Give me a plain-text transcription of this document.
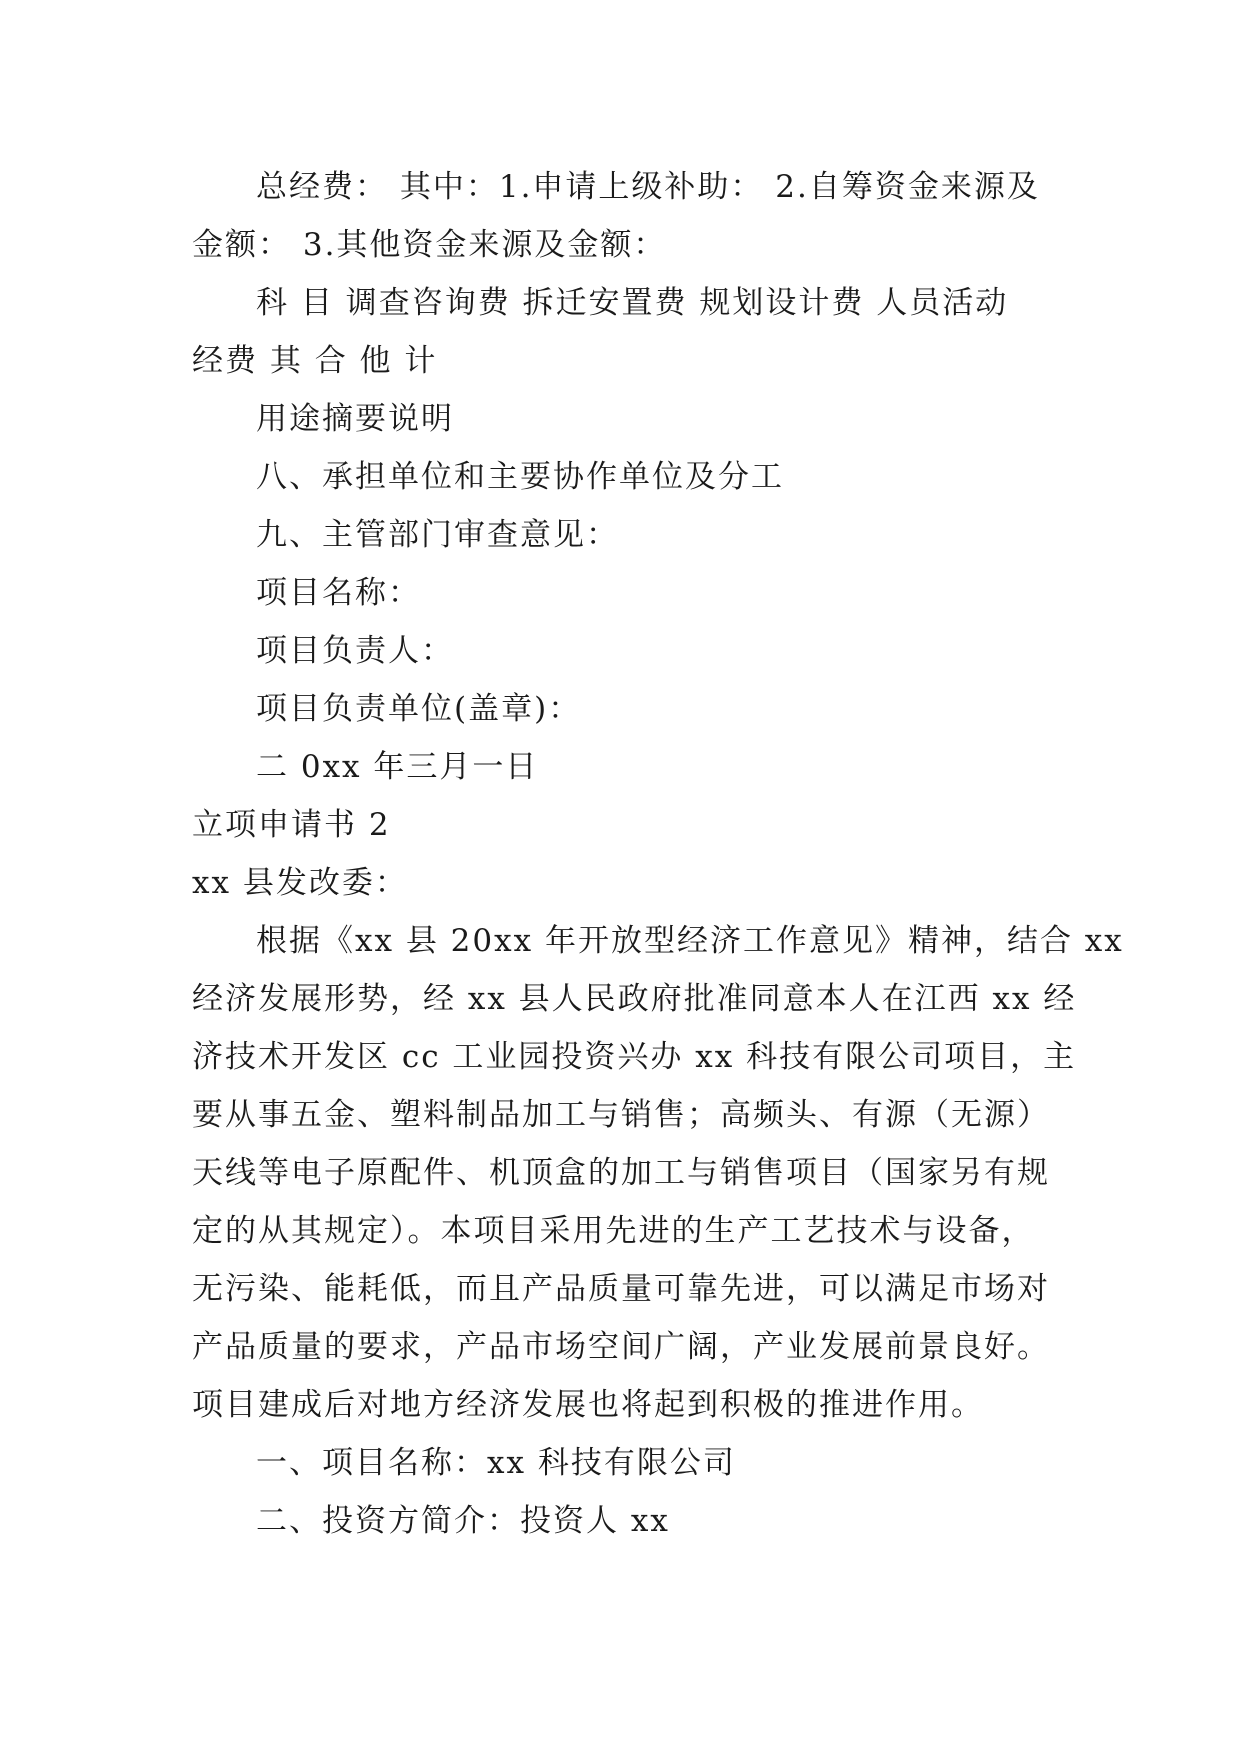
总经费： 其中：1.申请上级补助： 2.自筹资金来源及
金额： 3.其他资金来源及金额：
科 目 调查咨询费 拆迁安置费 规划设计费 人员活动
经费 其 合 他 计
用途摘要说明
八、承担单位和主要协作单位及分工
九、主管部门审查意见：
项目名称：
项目负责人：
项目负责单位(盖章)：
二 0xx 年三月一日
立项申请书 2
xx 县发改委：
根据《xx 县 20xx 年开放型经济工作意见》精神，结合 xx
经济发展形势，经 xx 县人民政府批准同意本人在江西 xx 经
济技术开发区 cc 工业园投资兴办 xx 科技有限公司项目，主
要从事五金、塑料制品加工与销售；高频头、有源（无源）
天线等电子原配件、机顶盒的加工与销售项目（国家另有规
定的从其规定）。本项目采用先进的生产工艺技术与设备，
无污染、能耗低，而且产品质量可靠先进，可以满足市场对
产品质量的要求，产品市场空间广阔，产业发展前景良好。
项目建成后对地方经济发展也将起到积极的推进作用。
一、项目名称：xx 科技有限公司
二、投资方简介：投资人 xx
